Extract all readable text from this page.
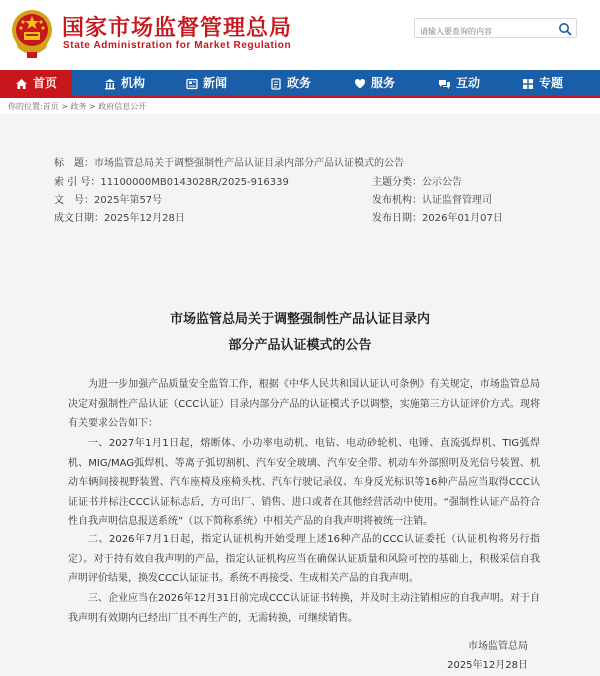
国家市场监督管理总局
State Administration for Market Regulation
请输入要查询的内容
首页	机构	新闻	政务	服务	互动	专题
你的位置:首页 > 政务 > 政府信息公开
标　题：市场监管总局关于调整强制性产品认证目录内部分产品认证模式的公告
索 引 号：11100000MB0143028R/2025-916339	主题分类：公示公告
文　号：2025年第57号	发布机构：认证监督管理司
成文日期：2025年12月28日	发布日期：2026年01月07日
市场监管总局关于调整强制性产品认证目录内
部分产品认证模式的公告

为进一步加强产品质量安全监管工作，根据《中华人民共和国认证认可条例》有关规定，市场监管总局决定对强制性产品认证（CCC认证）目录内部分产品的认证模式予以调整，实施第三方认证评价方式。现将有关要求公告如下：

一、2027年1月1日起，熔断体、小功率电动机、电钻、电动砂轮机、电锤、直流弧焊机、TIG弧焊机、MIG/MAG弧焊机、等离子弧切割机、汽车安全玻璃、汽车安全带、机动车外部照明及光信号装置、机动车辆间接视野装置、汽车座椅及座椅头枕、汽车行驶记录仪、车身反光标识等16种产品应当取得CCC认证证书并标注CCC认证标志后，方可出厂、销售、进口或者在其他经营活动中使用。“强制性认证产品符合性自我声明信息报送系统”（以下简称系统）中相关产品的自我声明将被统一注销。

二、2026年7月1日起，指定认证机构开始受理上述16种产品的CCC认证委托（认证机构将另行指定）。对于持有效自我声明的产品，指定认证机构应当在确保认证质量和风险可控的基础上，积极采信自我声明评价结果，换发CCC认证证书。系统不再接受、生成相关产品的自我声明。

三、企业应当在2026年12月31日前完成CCC认证证书转换，并及时主动注销相应的自我声明。对于自我声明有效期内已经出厂且不再生产的，无需转换，可继续销售。

市场监管总局
2025年12月28日
